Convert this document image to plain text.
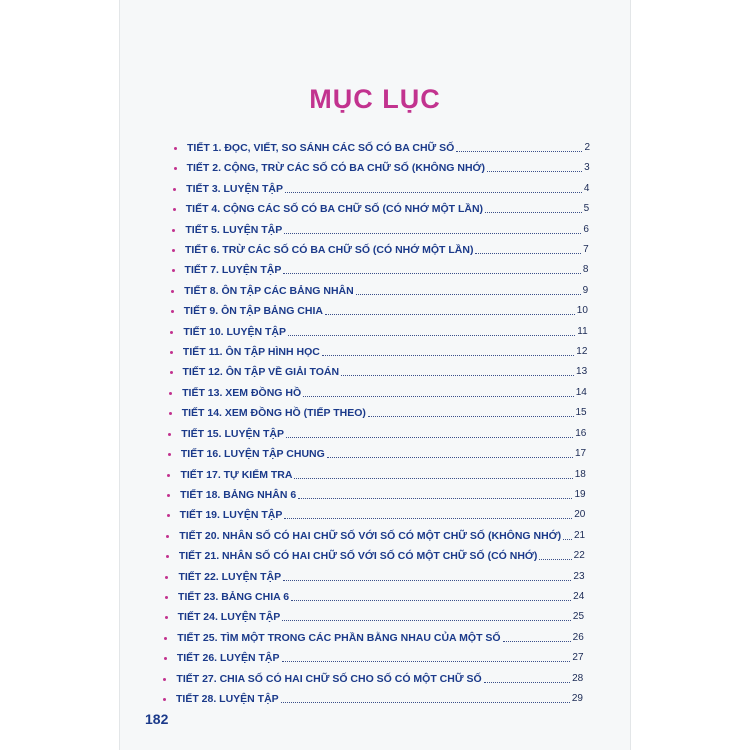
MỤC LỤC
TIẾT 1. ĐỌC, VIẾT, SO SÁNH CÁC SỐ CÓ BA CHỮ SỐ	2
TIẾT 2. CỘNG, TRỪ CÁC SỐ CÓ BA CHỮ SỐ (KHÔNG NHỚ)	3
TIẾT 3. LUYỆN TẬP	4
TIẾT 4. CỘNG CÁC SỐ CÓ BA CHỮ SỐ (CÓ NHỚ MỘT LẦN)	5
TIẾT 5. LUYỆN TẬP	6
TIẾT 6. TRỪ CÁC SỐ CÓ BA CHỮ SỐ (CÓ NHỚ MỘT LẦN)	7
TIẾT 7. LUYỆN TẬP	8
TIẾT 8. ÔN TẬP CÁC BẢNG NHÂN	9
TIẾT 9. ÔN TẬP BẢNG CHIA	10
TIẾT 10. LUYỆN TẬP	11
TIẾT 11. ÔN TẬP HÌNH HỌC	12
TIẾT 12. ÔN TẬP VỀ GIẢI TOÁN	13
TIẾT 13. XEM ĐỒNG HỒ	14
TIẾT 14. XEM ĐỒNG HỒ (TIẾP THEO)	15
TIẾT 15. LUYỆN TẬP	16
TIẾT 16. LUYỆN TẬP CHUNG	17
TIẾT 17. TỰ KIỂM TRA	18
TIẾT 18. BẢNG NHÂN 6	19
TIẾT 19. LUYỆN TẬP	20
TIẾT 20. NHÂN SỐ CÓ HAI CHỮ SỐ VỚI SỐ CÓ MỘT CHỮ SỐ (KHÔNG NHỚ) 21
TIẾT 21. NHÂN SỐ CÓ HAI CHỮ SỐ VỚI SỐ CÓ MỘT CHỮ SỐ (CÓ NHỚ)	22
TIẾT 22. LUYỆN TẬP	23
TIẾT 23. BẢNG CHIA 6	24
TIẾT 24. LUYỆN TẬP	25
TIẾT 25. TÌM MỘT TRONG CÁC PHẦN BẰNG NHAU CỦA MỘT SỐ	26
TIẾT 26. LUYỆN TẬP	27
TIẾT 27. CHIA SỐ CÓ HAI CHỮ SỐ CHO SỐ CÓ MỘT CHỮ SỐ	28
TIẾT 28. LUYỆN TẬP	29
182
